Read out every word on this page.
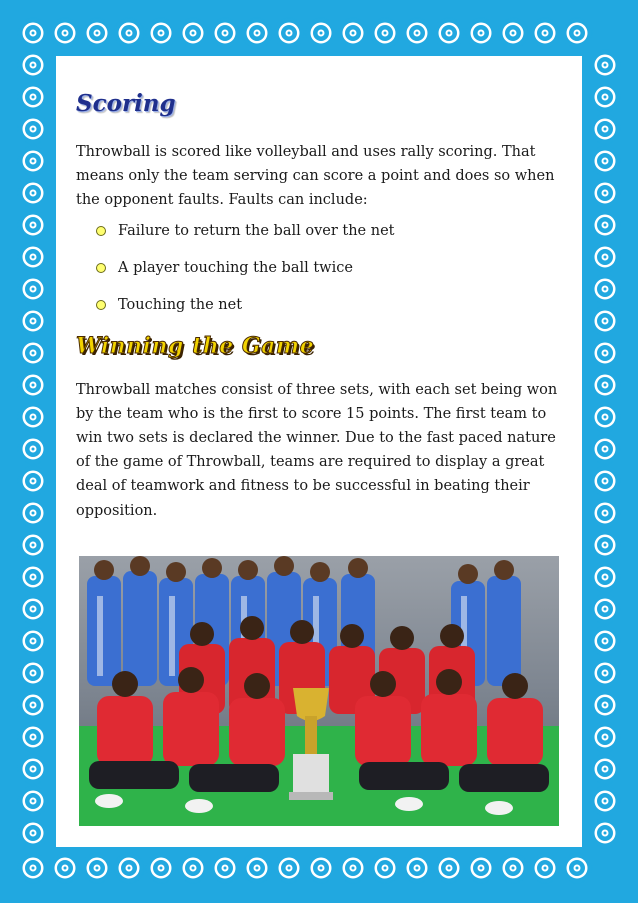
Scoring

Throwball is scored like volleyball and uses rally scoring. That means only the team serving can score a point and does so when the opponent faults. Faults can include:

Failure to return the ball over the net
A player touching the ball twice
Touching the net
Winning the Game

Throwball matches consist of three sets, with each set being won by the team who is the first to score 15 points. The first team to win two sets is declared the winner. Due to the fast paced nature of the game of Throwball, teams are required to display a great deal of teamwork and fitness to be successful in beating their opposition.
